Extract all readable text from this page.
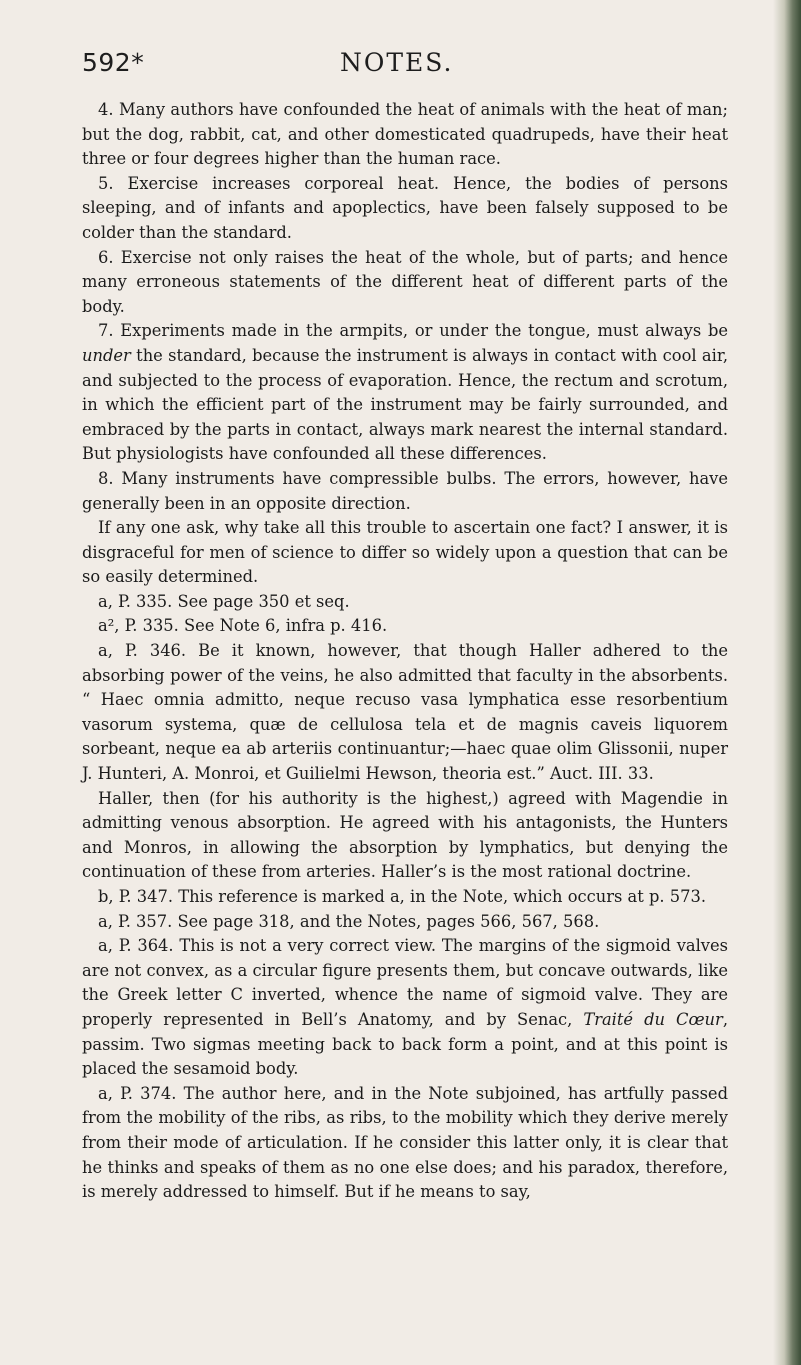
592*	NOTES.

4. Many authors have confounded the heat of animals with the heat of man; but the dog, rabbit, cat, and other domesticated quadrupeds, have their heat three or four degrees higher than the human race.

5. Exercise increases corporeal heat. Hence, the bodies of persons sleeping, and of infants and apoplectics, have been falsely supposed to be colder than the standard.

6. Exercise not only raises the heat of the whole, but of parts; and hence many erroneous statements of the different heat of different parts of the body.

7. Experiments made in the armpits, or under the tongue, must always be under the standard, because the instrument is always in contact with cool air, and subjected to the process of evaporation. Hence, the rectum and scrotum, in which the efficient part of the instrument may be fairly surrounded, and embraced by the parts in contact, always mark nearest the internal standard. But physiologists have confounded all these differences.

8. Many instruments have compressible bulbs. The errors, however, have generally been in an opposite direction.

If any one ask, why take all this trouble to ascertain one fact? I answer, it is disgraceful for men of science to differ so widely upon a question that can be so easily determined.

a, P. 335. See page 350 et seq.

a², P. 335. See Note 6, infra p. 416.

a, P. 346. Be it known, however, that though Haller adhered to the absorbing power of the veins, he also admitted that faculty in the absorbents. “ Haec omnia admitto, neque recuso vasa lymphatica esse resorbentium vasorum systema, quæ de cellulosa tela et de magnis caveis liquorem sorbeant, neque ea ab arteriis continuantur;—haec quae olim Glissonii, nuper J. Hunteri, A. Monroi, et Guilielmi Hewson, theoria est.” Auct. III. 33.

Haller, then (for his authority is the highest,) agreed with Magendie in admitting venous absorption. He agreed with his antagonists, the Hunters and Monros, in allowing the absorption by lymphatics, but denying the continuation of these from arteries. Haller’s is the most rational doctrine.

b, P. 347. This reference is marked a, in the Note, which occurs at p. 573.

a, P. 357. See page 318, and the Notes, pages 566, 567, 568.

a, P. 364. This is not a very correct view. The margins of the sigmoid valves are not convex, as a circular figure presents them, but concave outwards, like the Greek letter C inverted, whence the name of sigmoid valve. They are properly represented in Bell’s Anatomy, and by Senac, Traité du Cœur, passim. Two sigmas meeting back to back form a point, and at this point is placed the sesamoid body.

a, P. 374. The author here, and in the Note subjoined, has artfully passed from the mobility of the ribs, as ribs, to the mobility which they derive merely from their mode of articulation. If he consider this latter only, it is clear that he thinks and speaks of them as no one else does; and his paradox, therefore, is merely addressed to himself. But if he means to say,
